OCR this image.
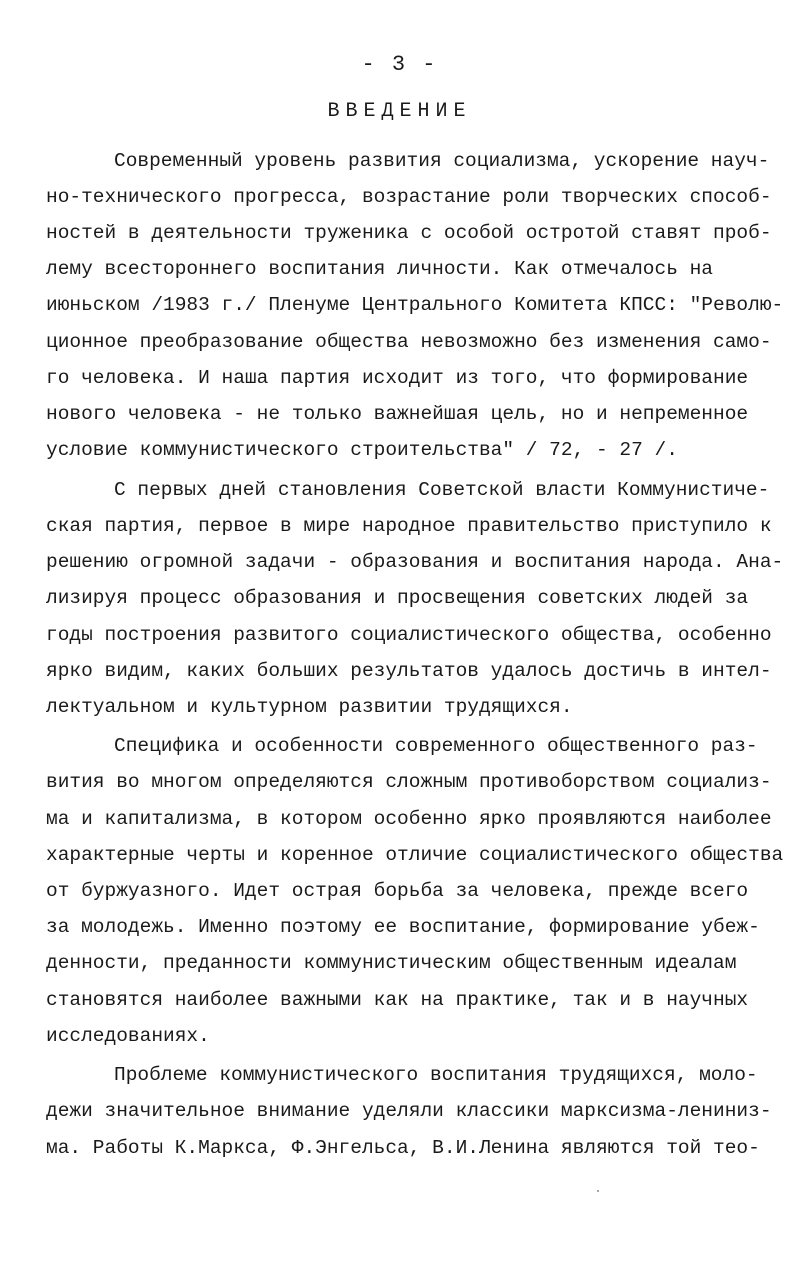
- 3 -
ВВЕДЕНИЕ
Современный уровень развития социализма, ускорение науч-
но-технического прогресса, возрастание роли творческих способ-
ностей в деятельности труженика с особой остротой ставят проб-
лему всестороннего воспитания личности. Как отмечалось на
июньском /1983 г./ Пленуме Центрального Комитета КПСС: "Револю-
ционное преобразование общества невозможно без изменения само-
го человека. И наша партия исходит из того, что формирование
нового человека - не только важнейшая цель, но и непременное
условие коммунистического строительства" / 72, - 27 /.
С первых дней становления Советской власти Коммунистиче-
ская партия, первое в мире народное правительство приступило к
решению огромной задачи - образования и воспитания народа. Ана-
лизируя процесс образования и просвещения советских людей за
годы построения развитого социалистического общества, особенно
ярко видим, каких больших результатов удалось достичь в интел-
лектуальном и культурном развитии трудящихся.
Специфика и особенности современного общественного раз-
вития во многом определяются сложным противоборством социализ-
ма и капитализма, в котором особенно ярко проявляются наиболее
характерные черты и коренное отличие социалистического общества
от буржуазного. Идет острая борьба за человека, прежде всего
за молодежь. Именно поэтому ее воспитание, формирование убеж-
денности, преданности коммунистическим общественным идеалам
становятся наиболее важными как на практике, так и в научных
исследованиях.
Проблеме коммунистического воспитания трудящихся, моло-
дежи значительное внимание уделяли классики марксизма-лениниз-
ма. Работы К.Маркса, Ф.Энгельса, В.И.Ленина являются той тео-
